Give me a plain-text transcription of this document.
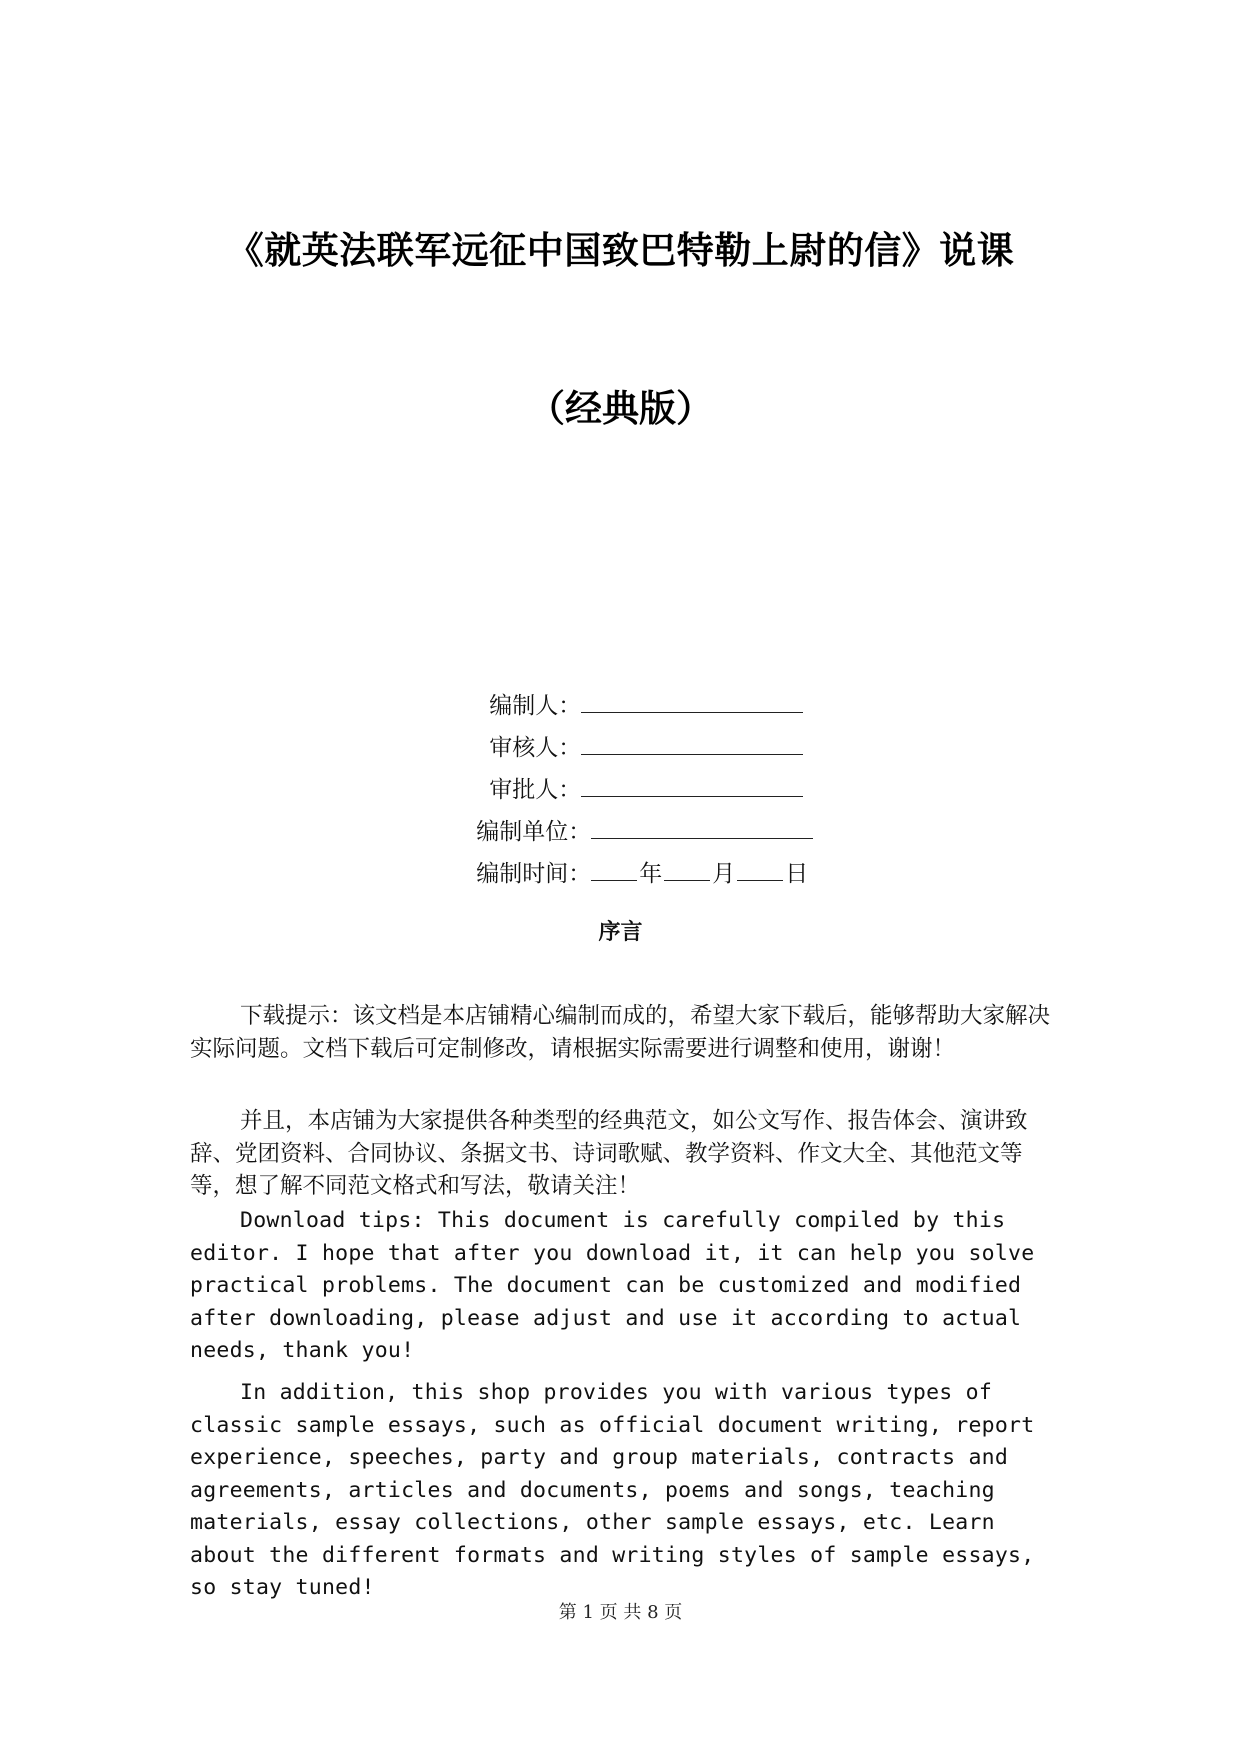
《就英法联军远征中国致巴特勒上尉的信》说课
（经典版）

编制人：

审核人：

审批人：

编制单位：

编制时间： 年 月 日

序言

下载提示：该文档是本店铺精心编制而成的，希望大家下载后，能够帮助大家解决实际问题。文档下载后可定制修改，请根据实际需要进行调整和使用，谢谢！

并且，本店铺为大家提供各种类型的经典范文，如公文写作、报告体会、演讲致辞、党团资料、合同协议、条据文书、诗词歌赋、教学资料、作文大全、其他范文等等，想了解不同范文格式和写法，敬请关注！

Download tips: This document is carefully compiled by this editor. I hope that after you download it, it can help you solve practical problems. The document can be customized and modified after downloading, please adjust and use it according to actual needs, thank you!

In addition, this shop provides you with various types of classic sample essays, such as official document writing, report experience, speeches, party and group materials, contracts and agreements, articles and documents, poems and songs, teaching materials, essay collections, other sample essays, etc. Learn about the different formats and writing styles of sample essays, so stay tuned!

第 1 页 共 8 页
